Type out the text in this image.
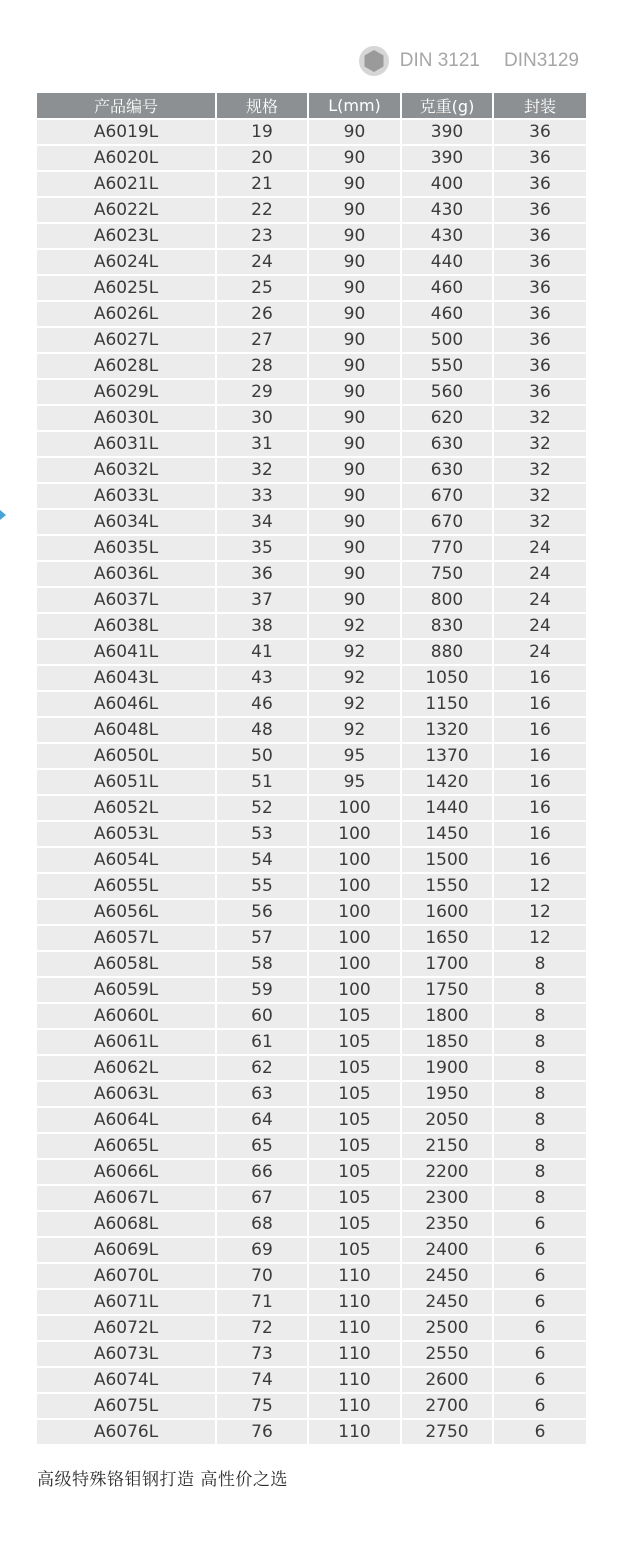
DIN 3121 DIN3129
产品编号	规格	L(mm)	克重(g)	封装
A6019L	19	90	390	36
A6020L	20	90	390	36
A6021L	21	90	400	36
A6022L	22	90	430	36
A6023L	23	90	430	36
A6024L	24	90	440	36
A6025L	25	90	460	36
A6026L	26	90	460	36
A6027L	27	90	500	36
A6028L	28	90	550	36
A6029L	29	90	560	36
A6030L	30	90	620	32
A6031L	31	90	630	32
A6032L	32	90	630	32
A6033L	33	90	670	32
A6034L	34	90	670	32
A6035L	35	90	770	24
A6036L	36	90	750	24
A6037L	37	90	800	24
A6038L	38	92	830	24
A6041L	41	92	880	24
A6043L	43	92	1050	16
A6046L	46	92	1150	16
A6048L	48	92	1320	16
A6050L	50	95	1370	16
A6051L	51	95	1420	16
A6052L	52	100	1440	16
A6053L	53	100	1450	16
A6054L	54	100	1500	16
A6055L	55	100	1550	12
A6056L	56	100	1600	12
A6057L	57	100	1650	12
A6058L	58	100	1700	8
A6059L	59	100	1750	8
A6060L	60	105	1800	8
A6061L	61	105	1850	8
A6062L	62	105	1900	8
A6063L	63	105	1950	8
A6064L	64	105	2050	8
A6065L	65	105	2150	8
A6066L	66	105	2200	8
A6067L	67	105	2300	8
A6068L	68	105	2350	6
A6069L	69	105	2400	6
A6070L	70	110	2450	6
A6071L	71	110	2450	6
A6072L	72	110	2500	6
A6073L	73	110	2550	6
A6074L	74	110	2600	6
A6075L	75	110	2700	6
A6076L	76	110	2750	6
高级特殊铬钼钢打造 高性价之选
